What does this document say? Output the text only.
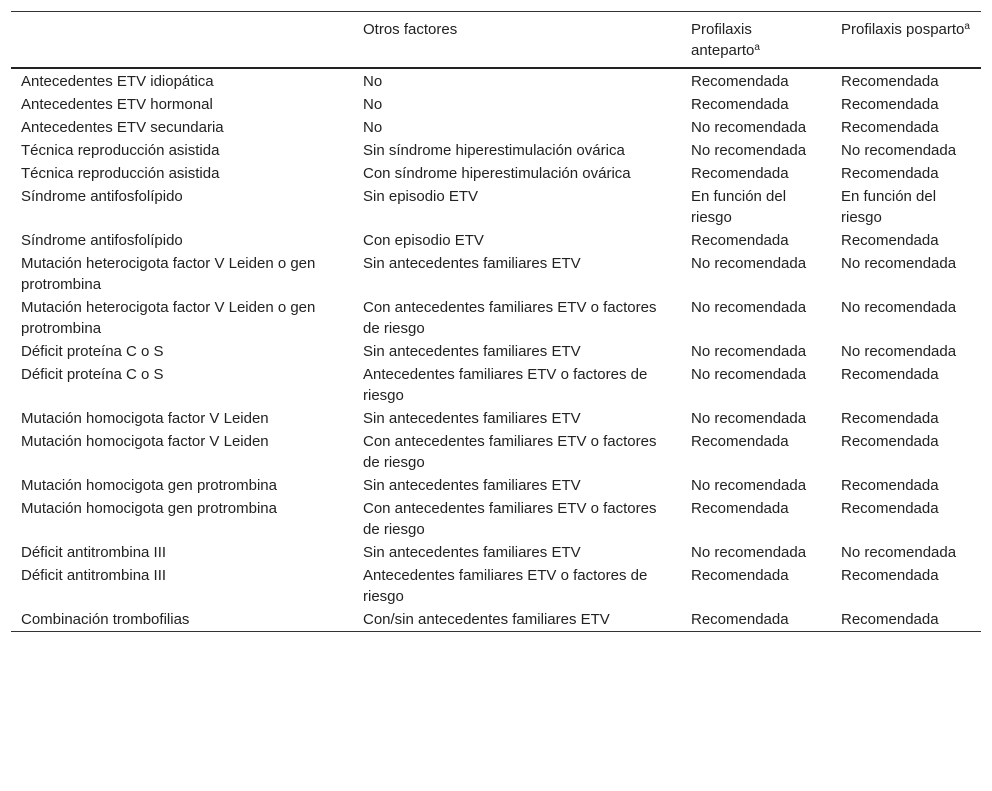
	Otros factores	Profilaxis anteparto$^a$	Profilaxis posparto$^a$
Antecedentes ETV idiopática	No	Recomendada	Recomendada
Antecedentes ETV hormonal	No	Recomendada	Recomendada
Antecedentes ETV secundaria	No	No recomendada	Recomendada
Técnica reproducción asistida	Sin síndrome hiperestimulación ovárica	No recomendada	No recomendada
Técnica reproducción asistida	Con síndrome hiperestimulación ovárica	Recomendada	Recomendada
Síndrome antifosfolípido	Sin episodio ETV	En función del riesgo	En función del riesgo
Síndrome antifosfolípido	Con episodio ETV	Recomendada	Recomendada
Mutación heterocigota factor V Leiden o gen protrombina	Sin antecedentes familiares ETV	No recomendada	No recomendada
Mutación heterocigota factor V Leiden o gen protrombina	Con antecedentes familiares ETV o factores de riesgo	No recomendada	No recomendada
Déficit proteína C o S	Sin antecedentes familiares ETV	No recomendada	No recomendada
Déficit proteína C o S	Antecedentes familiares ETV o factores de riesgo	No recomendada	Recomendada
Mutación homocigota factor V Leiden	Sin antecedentes familiares ETV	No recomendada	Recomendada
Mutación homocigota factor V Leiden	Con antecedentes familiares ETV o factores de riesgo	Recomendada	Recomendada
Mutación homocigota gen protrombina	Sin antecedentes familiares ETV	No recomendada	Recomendada
Mutación homocigota gen protrombina	Con antecedentes familiares ETV o factores de riesgo	Recomendada	Recomendada
Déficit antitrombina III	Sin antecedentes familiares ETV	No recomendada	No recomendada
Déficit antitrombina III	Antecedentes familiares ETV o factores de riesgo	Recomendada	Recomendada
Combinación trombofilias	Con/sin antecedentes familiares ETV	Recomendada	Recomendada
